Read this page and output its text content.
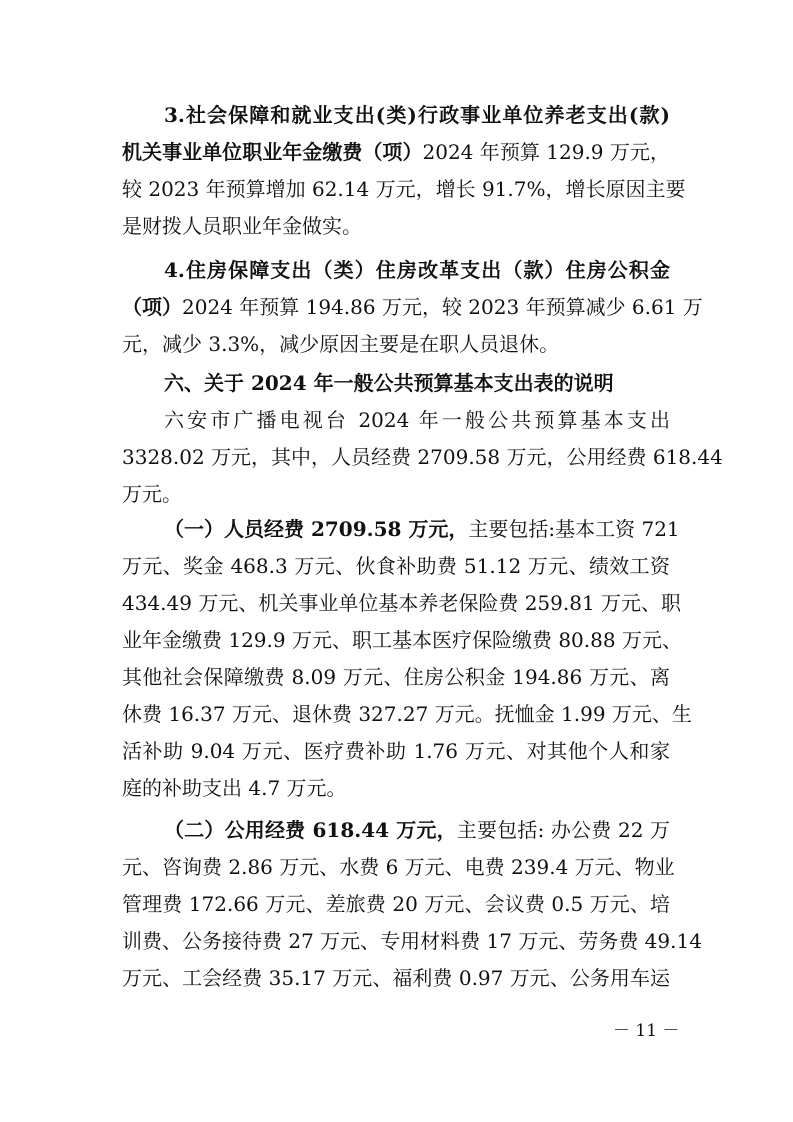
3.社会保障和就业支出(类)行政事业单位养老支出(款)
机关事业单位职业年金缴费（项）2024 年预算 129.9 万元，
较 2023 年预算增加 62.14 万元，增长 91.7%，增长原因主要
是财拨人员职业年金做实。
4.住房保障支出（类）住房改革支出（款）住房公积金
（项）2024 年预算 194.86 万元，较 2023 年预算减少 6.61 万
元，减少 3.3%，减少原因主要是在职人员退休。
六、关于 2024 年一般公共预算基本支出表的说明
六安市广播电视台 2024 年一般公共预算基本支出
3328.02 万元，其中，人员经费 2709.58 万元，公用经费 618.44
万元。
（一）人员经费 2709.58 万元，主要包括:基本工资 721
万元、奖金 468.3 万元、伙食补助费 51.12 万元、绩效工资
434.49 万元、机关事业单位基本养老保险费 259.81 万元、职
业年金缴费 129.9 万元、职工基本医疗保险缴费 80.88 万元、
其他社会保障缴费 8.09 万元、住房公积金 194.86 万元、离
休费 16.37 万元、退休费 327.27 万元。抚恤金 1.99 万元、生
活补助 9.04 万元、医疗费补助 1.76 万元、对其他个人和家
庭的补助支出 4.7 万元。
（二）公用经费 618.44 万元，主要包括: 办公费 22 万
元、咨询费 2.86 万元、水费 6 万元、电费 239.4 万元、物业
管理费 172.66 万元、差旅费 20 万元、会议费 0.5 万元、培
训费、公务接待费 27 万元、专用材料费 17 万元、劳务费 49.14
万元、工会经费 35.17 万元、福利费 0.97 万元、公务用车运
－ 11 －
